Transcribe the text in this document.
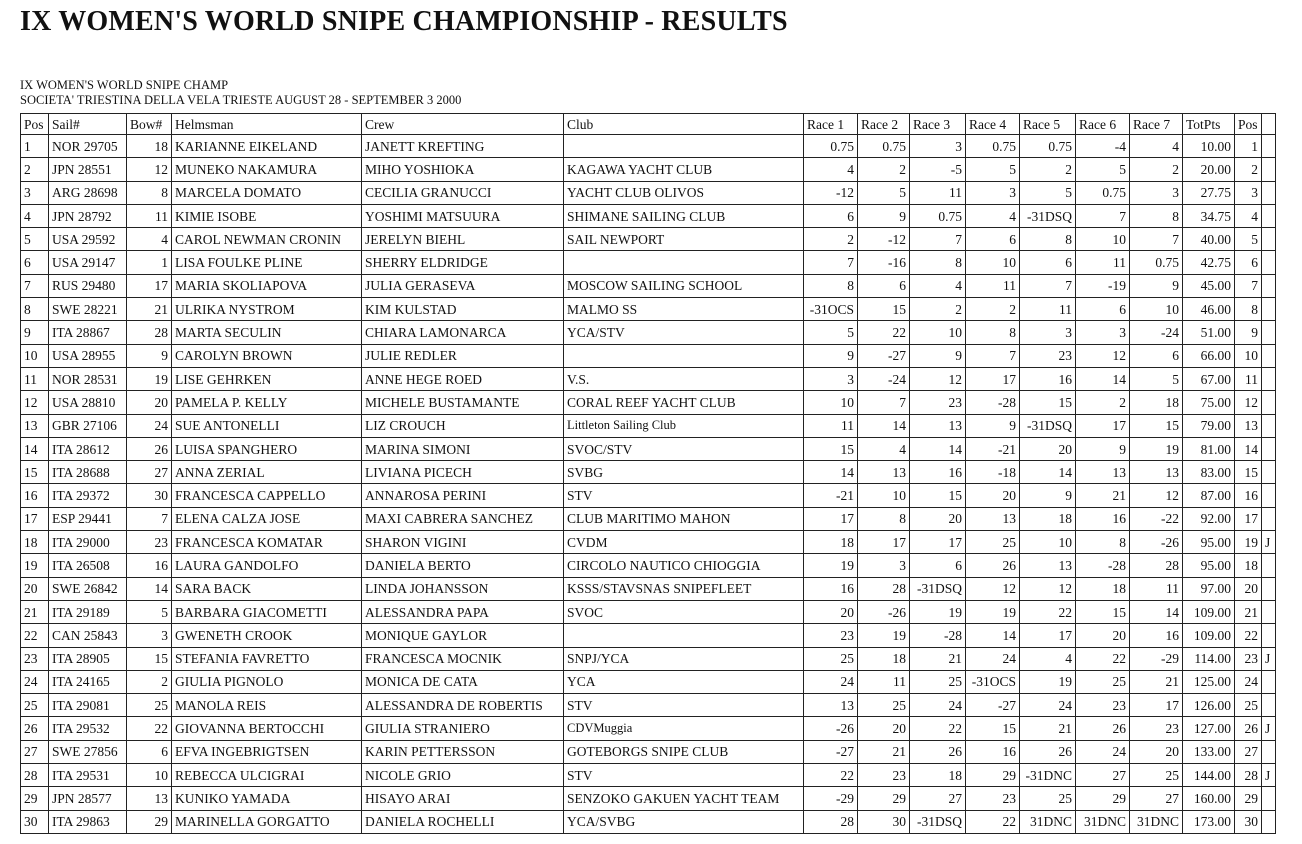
IX WOMEN'S WORLD SNIPE CHAMPIONSHIP - RESULTS
IX WOMEN'S WORLD SNIPE CHAMP
SOCIETA' TRIESTINA DELLA VELA TRIESTE AUGUST 28 - SEPTEMBER 3 2000
Pos	Sail#	Bow#	Helmsman	Crew	Club	Race 1	Race 2	Race 3	Race 4	Race 5	Race 6	Race 7	TotPts	Pos	
1	NOR 29705	18	KARIANNE EIKELAND	JANETT KREFTING		0.75	0.75	3	0.75	0.75	-4	4	10.00	1	
2	JPN 28551	12	MUNEKO NAKAMURA	MIHO YOSHIOKA	KAGAWA YACHT CLUB	4	2	-5	5	2	5	2	20.00	2	
3	ARG 28698	8	MARCELA DOMATO	CECILIA GRANUCCI	YACHT CLUB OLIVOS	-12	5	11	3	5	0.75	3	27.75	3	
4	JPN 28792	11	KIMIE ISOBE	YOSHIMI MATSUURA	SHIMANE SAILING CLUB	6	9	0.75	4	-31DSQ	7	8	34.75	4	
5	USA 29592	4	CAROL NEWMAN CRONIN	JERELYN BIEHL	SAIL NEWPORT	2	-12	7	6	8	10	7	40.00	5	
6	USA 29147	1	LISA FOULKE PLINE	SHERRY ELDRIDGE		7	-16	8	10	6	11	0.75	42.75	6	
7	RUS 29480	17	MARIA SKOLIAPOVA	JULIA GERASEVA	MOSCOW SAILING SCHOOL	8	6	4	11	7	-19	9	45.00	7	
8	SWE 28221	21	ULRIKA NYSTROM	KIM KULSTAD	MALMO SS	-31OCS	15	2	2	11	6	10	46.00	8	
9	ITA 28867	28	MARTA SECULIN	CHIARA LAMONARCA	YCA/STV	5	22	10	8	3	3	-24	51.00	9	
10	USA 28955	9	CAROLYN BROWN	JULIE REDLER		9	-27	9	7	23	12	6	66.00	10	
11	NOR 28531	19	LISE GEHRKEN	ANNE HEGE ROED	V.S.	3	-24	12	17	16	14	5	67.00	11	
12	USA 28810	20	PAMELA P. KELLY	MICHELE BUSTAMANTE	CORAL REEF YACHT CLUB	10	7	23	-28	15	2	18	75.00	12	
13	GBR 27106	24	SUE ANTONELLI	LIZ CROUCH	Littleton Sailing Club	11	14	13	9	-31DSQ	17	15	79.00	13	
14	ITA 28612	26	LUISA SPANGHERO	MARINA SIMONI	SVOC/STV	15	4	14	-21	20	9	19	81.00	14	
15	ITA 28688	27	ANNA ZERIAL	LIVIANA PICECH	SVBG	14	13	16	-18	14	13	13	83.00	15	
16	ITA 29372	30	FRANCESCA CAPPELLO	ANNAROSA PERINI	STV	-21	10	15	20	9	21	12	87.00	16	
17	ESP 29441	7	ELENA CALZA JOSE	MAXI CABRERA SANCHEZ	CLUB MARITIMO MAHON	17	8	20	13	18	16	-22	92.00	17	
18	ITA 29000	23	FRANCESCA KOMATAR	SHARON VIGINI	CVDM	18	17	17	25	10	8	-26	95.00	19	J
19	ITA 26508	16	LAURA GANDOLFO	DANIELA BERTO	CIRCOLO NAUTICO CHIOGGIA	19	3	6	26	13	-28	28	95.00	18	
20	SWE 26842	14	SARA BACK	LINDA JOHANSSON	KSSS/STAVSNAS SNIPEFLEET	16	28	-31DSQ	12	12	18	11	97.00	20	
21	ITA 29189	5	BARBARA GIACOMETTI	ALESSANDRA PAPA	SVOC	20	-26	19	19	22	15	14	109.00	21	
22	CAN 25843	3	GWENETH CROOK	MONIQUE GAYLOR		23	19	-28	14	17	20	16	109.00	22	
23	ITA 28905	15	STEFANIA FAVRETTO	FRANCESCA MOCNIK	SNPJ/YCA	25	18	21	24	4	22	-29	114.00	23	J
24	ITA 24165	2	GIULIA PIGNOLO	MONICA DE CATA	YCA	24	11	25	-31OCS	19	25	21	125.00	24	
25	ITA 29081	25	MANOLA REIS	ALESSANDRA DE ROBERTIS	STV	13	25	24	-27	24	23	17	126.00	25	
26	ITA 29532	22	GIOVANNA BERTOCCHI	GIULIA STRANIERO	CDVMuggia	-26	20	22	15	21	26	23	127.00	26	J
27	SWE 27856	6	EFVA INGEBRIGTSEN	KARIN PETTERSSON	GOTEBORGS SNIPE CLUB	-27	21	26	16	26	24	20	133.00	27	
28	ITA 29531	10	REBECCA ULCIGRAI	NICOLE GRIO	STV	22	23	18	29	-31DNC	27	25	144.00	28	J
29	JPN 28577	13	KUNIKO YAMADA	HISAYO ARAI	SENZOKO GAKUEN YACHT TEAM	-29	29	27	23	25	29	27	160.00	29	
30	ITA 29863	29	MARINELLA GORGATTO	DANIELA ROCHELLI	YCA/SVBG	28	30	-31DSQ	22	31DNC	31DNC	31DNC	173.00	30	
